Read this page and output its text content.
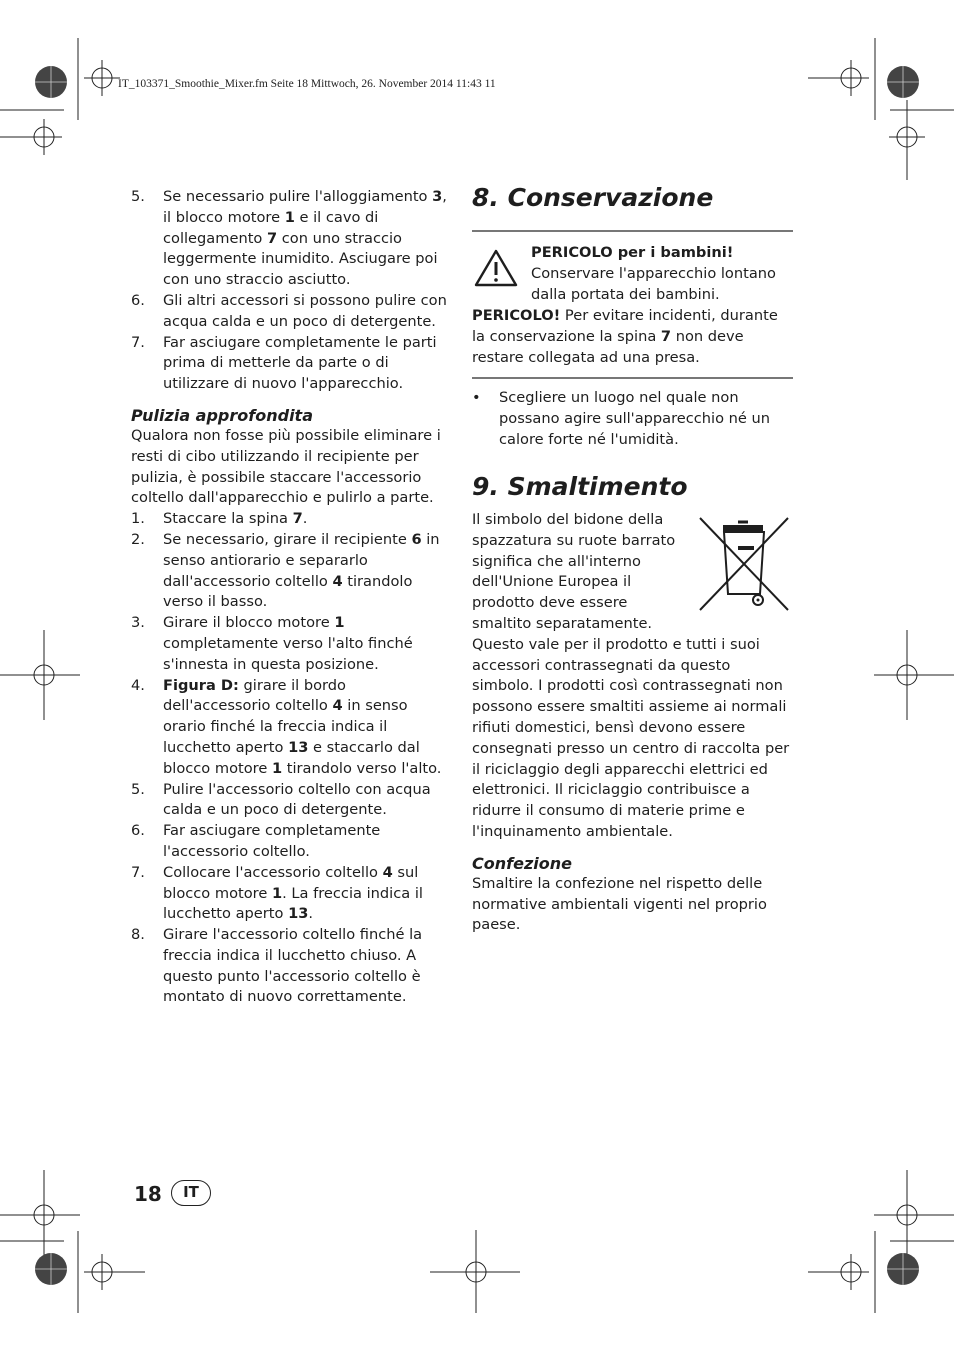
IT_103371_Smoothie_Mixer.fm Seite 18 Mittwoch, 26. November 2014 11:43 11
5.	Se necessario pulire l'alloggiamento 3, il blocco motore 1 e il cavo di collegamento 7 con uno straccio leggermente inumidito. Asciugare poi con uno straccio asciutto.
6.	Gli altri accessori si possono pulire con acqua calda e un poco di detergente.
7.	Far asciugare completamente le parti prima di metterle da parte o di utilizzare di nuovo l'apparecchio.
Pulizia approfondita
Qualora non fosse più possibile eliminare i resti di cibo utilizzando il recipiente per pulizia, è possibile staccare l'accessorio coltello dall'apparecchio e pulirlo a parte.
1.	Staccare la spina 7.
2.	Se necessario, girare il recipiente 6 in senso antiorario e separarlo dall'accessorio coltello 4 tirandolo verso il basso.
3.	Girare il blocco motore 1 completamente verso l'alto finché s'innesta in questa posizione.
4.	Figura D: girare il bordo dell'accessorio coltello 4 in senso orario finché la freccia indica il lucchetto aperto 13 e staccarlo dal blocco motore 1 tirandolo verso l'alto.
5.	Pulire l'accessorio coltello con acqua calda e un poco di detergente.
6.	Far asciugare completamente l'accessorio coltello.
7.	Collocare l'accessorio coltello 4 sul blocco motore 1. La freccia indica il lucchetto aperto 13.
8.	Girare l'accessorio coltello finché la freccia indica il lucchetto chiuso. A questo punto l'accessorio coltello è montato di nuovo correttamente.
8. Conservazione
PERICOLO per i bambini! Conservare l'apparecchio lontano dalla portata dei bambini.
PERICOLO! Per evitare incidenti, durante la conservazione la spina 7 non deve restare collegata ad una presa.
•	Scegliere un luogo nel quale non possano agire sull'apparecchio né un calore forte né l'umidità.
9. Smaltimento
Il simbolo del bidone della spazzatura su ruote barrato significa che all'interno dell'Unione Europea il prodotto deve essere smaltito separatamente. Questo vale per il prodotto e tutti i suoi accessori contrassegnati da questo simbolo. I prodotti così contrassegnati non possono essere smaltiti assieme ai normali rifiuti domestici, bensì devono essere consegnati presso un centro di raccolta per il riciclaggio degli apparecchi elettrici ed elettronici. Il riciclaggio contribuisce a ridurre il consumo di materie prime e l'inquinamento ambientale.
Confezione
Smaltire la confezione nel rispetto delle normative ambientali vigenti nel proprio paese.
18	IT
